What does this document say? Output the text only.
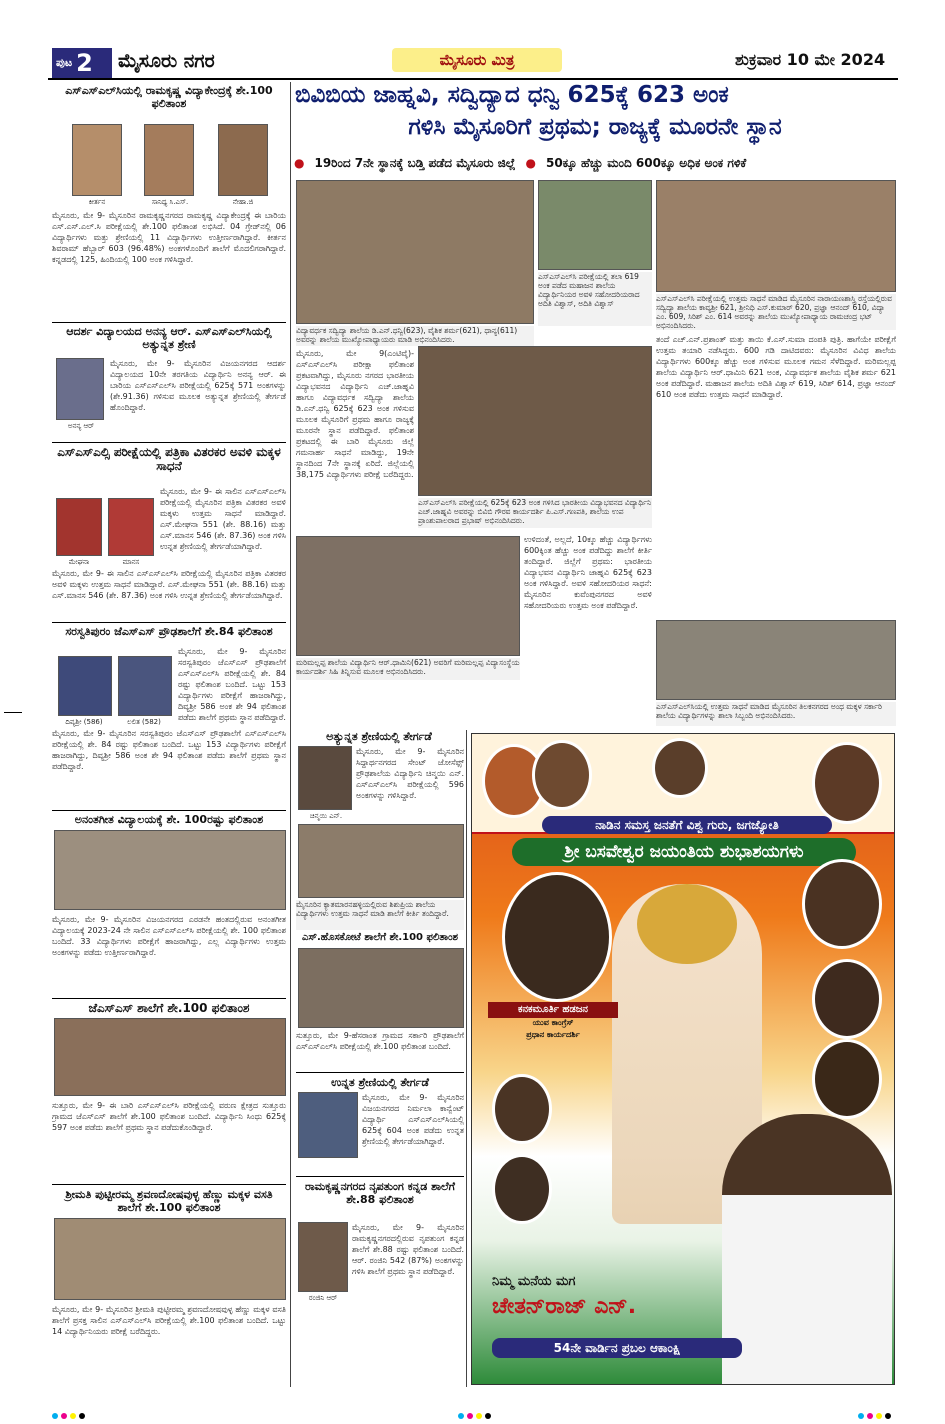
ಪುಟ 2 ಮೈಸೂರು ನಗರ	ಮೈಸೂರು ಮಿತ್ರ	ಶುಕ್ರವಾರ 10 ಮೇ 2024
ಎಸ್‌ಎಸ್‌ಎಲ್‌ಸಿಯಲ್ಲಿ ರಾಮಕೃಷ್ಣ ವಿದ್ಯಾಕೇಂದ್ರಕ್ಕೆ ಶೇ.100 ಫಲಿತಾಂಶ
ಕೀರ್ತನ	ಸಾನಿಧ್ಯ ಸಿ.ಎಸ್.	ನೇಹಾ.ಜಿ
ಮೈಸೂರು, ಮೇ 9- ಮೈಸೂರಿನ ರಾಮಕೃಷ್ಣನಗರದ ರಾಮಕೃಷ್ಣ ವಿದ್ಯಾಕೇಂದ್ರಕ್ಕೆ ಈ ಬಾರಿಯ ಎಸ್.ಎಸ್.ಎಲ್.ಸಿ ಪರೀಕ್ಷೆಯಲ್ಲಿ ಶೇ.100 ಫಲಿತಾಂಶ ಲಭಿಸಿದೆ. 04 ಗ್ರೇಡ್‌ನಲ್ಲಿ 06 ವಿದ್ಯಾರ್ಥಿಗಳು ಮತ್ತು ಶ್ರೇಣಿಯಲ್ಲಿ 11 ವಿದ್ಯಾರ್ಥಿಗಳು ಉತ್ತೀರ್ಣರಾಗಿದ್ದಾರೆ. ಕೀರ್ತನ ಶಿವರಾಮ್ ಹೆಬ್ಬಾರ್ 603 (96.48%) ಅಂಕಗಳೊಂದಿಗೆ ಶಾಲೆಗೆ ಮೊದಲಿಗರಾಗಿದ್ದಾರೆ. ಕನ್ನಡದಲ್ಲಿ 125, ಹಿಂದಿಯಲ್ಲಿ 100 ಅಂಕ ಗಳಿಸಿದ್ದಾರೆ.
ಆದರ್ಶ ವಿದ್ಯಾಲಯದ ಅನನ್ಯ ಆರ್. ಎಸ್‌ಎಸ್‌ಎಲ್‌ಸಿಯಲ್ಲಿ ಅತ್ಯುನ್ನತ ಶ್ರೇಣಿ
ಅನನ್ಯ ಆರ್
ಮೈಸೂರು, ಮೇ 9- ಮೈಸೂರಿನ ವಿಜಯನಗರದ ಆದರ್ಶ ವಿದ್ಯಾಲಯದ 10ನೇ ತರಗತಿಯ ವಿದ್ಯಾರ್ಥಿನಿ ಅನನ್ಯ ಆರ್. ಈ ಬಾರಿಯ ಎಸ್‌ಎಸ್‌ಎಲ್‌ಸಿ ಪರೀಕ್ಷೆಯಲ್ಲಿ 625ಕ್ಕೆ 571 ಅಂಕಗಳನ್ನು (ಶೇ.91.36) ಗಳಿಸುವ ಮೂಲಕ ಅತ್ಯುನ್ನತ ಶ್ರೇಣಿಯಲ್ಲಿ ತೇರ್ಗಡೆ ಹೊಂದಿದ್ದಾರೆ.
ಎಸ್ಎಸ್ಎಲ್ಸಿ ಪರೀಕ್ಷೆಯಲ್ಲಿ ಪತ್ರಿಕಾ ವಿತರಕರ ಅವಳಿ ಮಕ್ಕಳ ಸಾಧನೆ
ಮೇಘನಾ	ಮಾನಸ
ಮೈಸೂರು, ಮೇ 9- ಈ ಸಾಲಿನ ಎಸ್‌ಎಸ್‌ಎಲ್‌ಸಿ ಪರೀಕ್ಷೆಯಲ್ಲಿ ಮೈಸೂರಿನ ಪತ್ರಿಕಾ ವಿತರಕರ ಅವಳಿ ಮಕ್ಕಳು ಉತ್ತಮ ಸಾಧನೆ ಮಾಡಿದ್ದಾರೆ. ಎಸ್.ಮೇಘನಾ 551 (ಶೇ. 88.16) ಮತ್ತು ಎಸ್.ಮಾನಸ 546 (ಶೇ. 87.36) ಅಂಕ ಗಳಿಸಿ ಉನ್ನತ ಶ್ರೇಣಿಯಲ್ಲಿ ತೇರ್ಗಡೆಯಾಗಿದ್ದಾರೆ.
ಮೈಸೂರು, ಮೇ 9- ಈ ಸಾಲಿನ ಎಸ್‌ಎಸ್‌ಎಲ್‌ಸಿ ಪರೀಕ್ಷೆಯಲ್ಲಿ ಮೈಸೂರಿನ ಪತ್ರಿಕಾ ವಿತರಕರ ಅವಳಿ ಮಕ್ಕಳು ಉತ್ತಮ ಸಾಧನೆ ಮಾಡಿದ್ದಾರೆ. ಎಸ್.ಮೇಘನಾ 551 (ಶೇ. 88.16) ಮತ್ತು ಎಸ್.ಮಾನಸ 546 (ಶೇ. 87.36) ಅಂಕ ಗಳಿಸಿ ಉನ್ನತ ಶ್ರೇಣಿಯಲ್ಲಿ ತೇರ್ಗಡೆಯಾಗಿದ್ದಾರೆ.
ಸರಸ್ವತಿಪುರಂ ಜೆಎಸ್ಎಸ್ ಪ್ರೌಢಶಾಲೆಗೆ ಶೇ.84 ಫಲಿತಾಂಶ
ದಿವ್ಯಶ್ರೀ (586)	ಲಲಿತ (582)
ಮೈಸೂರು, ಮೇ 9- ಮೈಸೂರಿನ ಸರಸ್ವತಿಪುರಂ ಜೆಎಸ್‌ಎಸ್ ಪ್ರೌಢಶಾಲೆಗೆ ಎಸ್‌ಎಸ್‌ಎಲ್‌ಸಿ ಪರೀಕ್ಷೆಯಲ್ಲಿ ಶೇ. 84 ರಷ್ಟು ಫಲಿತಾಂಶ ಬಂದಿದೆ. ಒಟ್ಟು 153 ವಿದ್ಯಾರ್ಥಿಗಳು ಪರೀಕ್ಷೆಗೆ ಹಾಜರಾಗಿದ್ದು, ದಿವ್ಯಶ್ರೀ 586 ಅಂಕ ಶೇ 94 ಫಲಿತಾಂಶ ಪಡೆದು ಶಾಲೆಗೆ ಪ್ರಥಮ ಸ್ಥಾನ ಪಡೆದಿದ್ದಾರೆ.
ಮೈಸೂರು, ಮೇ 9- ಮೈಸೂರಿನ ಸರಸ್ವತಿಪುರಂ ಜೆಎಸ್‌ಎಸ್ ಪ್ರೌಢಶಾಲೆಗೆ ಎಸ್‌ಎಸ್‌ಎಲ್‌ಸಿ ಪರೀಕ್ಷೆಯಲ್ಲಿ ಶೇ. 84 ರಷ್ಟು ಫಲಿತಾಂಶ ಬಂದಿದೆ. ಒಟ್ಟು 153 ವಿದ್ಯಾರ್ಥಿಗಳು ಪರೀಕ್ಷೆಗೆ ಹಾಜರಾಗಿದ್ದು, ದಿವ್ಯಶ್ರೀ 586 ಅಂಕ ಶೇ 94 ಫಲಿತಾಂಶ ಪಡೆದು ಶಾಲೆಗೆ ಪ್ರಥಮ ಸ್ಥಾನ ಪಡೆದಿದ್ದಾರೆ.
ಅನಂತಗೀತ ವಿದ್ಯಾಲಯಕ್ಕೆ ಶೇ. 100ರಷ್ಟು ಫಲಿತಾಂಶ
ಮೈಸೂರು, ಮೇ 9- ಮೈಸೂರಿನ ವಿಜಯನಗರದ ಎರಡನೇ ಹಂತದಲ್ಲಿರುವ ಅನಂತಗೀತ ವಿದ್ಯಾಲಯಕ್ಕೆ 2023-24 ನೇ ಸಾಲಿನ ಎಸ್‌ಎಸ್‌ಎಲ್‌ಸಿ ಪರೀಕ್ಷೆಯಲ್ಲಿ ಶೇ. 100 ಫಲಿತಾಂಶ ಬಂದಿದೆ. 33 ವಿದ್ಯಾರ್ಥಿಗಳು ಪರೀಕ್ಷೆಗೆ ಹಾಜರಾಗಿದ್ದು, ಎಲ್ಲ ವಿದ್ಯಾರ್ಥಿಗಳು ಉತ್ತಮ ಅಂಕಗಳನ್ನು ಪಡೆದು ಉತ್ತೀರ್ಣರಾಗಿದ್ದಾರೆ.
ಜೆಎಸ್ಎಸ್ ಶಾಲೆಗೆ ಶೇ.100 ಫಲಿತಾಂಶ
ಸುತ್ತೂರು, ಮೇ 9- ಈ ಬಾರಿ ಎಸ್‌ಎಸ್‌ಎಲ್‌ಸಿ ಪರೀಕ್ಷೆಯಲ್ಲಿ ವರುಣ ಕ್ಷೇತ್ರದ ಸುತ್ತೂರು ಗ್ರಾಮದ ಜೆಎಸ್‌ಎಸ್ ಶಾಲೆಗೆ ಶೇ.100 ಫಲಿತಾಂಶ ಬಂದಿದೆ. ವಿದ್ಯಾರ್ಥಿನಿ ಸಿಂಧು 625ಕ್ಕೆ 597 ಅಂಕ ಪಡೆದು ಶಾಲೆಗೆ ಪ್ರಥಮ ಸ್ಥಾನ ಪಡೆದುಕೊಂಡಿದ್ದಾರೆ.
ಶ್ರೀಮತಿ ಪುಟ್ಟೀರಮ್ಮ ಶ್ರವಣದೋಷವುಳ್ಳ ಹೆಣ್ಣು ಮಕ್ಕಳ ವಸತಿ ಶಾಲೆಗೆ ಶೇ.100 ಫಲಿತಾಂಶ
ಮೈಸೂರು, ಮೇ 9- ಮೈಸೂರಿನ ಶ್ರೀಮತಿ ಪುಟ್ಟೀರಮ್ಮ ಶ್ರವಣದೋಷವುಳ್ಳ ಹೆಣ್ಣು ಮಕ್ಕಳ ವಸತಿ ಶಾಲೆಗೆ ಪ್ರಸಕ್ತ ಸಾಲಿನ ಎಸ್‌ಎಸ್‌ಎಲ್‌ಸಿ ಪರೀಕ್ಷೆಯಲ್ಲಿ ಶೇ.100 ಫಲಿತಾಂಶ ಬಂದಿದೆ. ಒಟ್ಟು 14 ವಿದ್ಯಾರ್ಥಿನಿಯರು ಪರೀಕ್ಷೆ ಬರೆದಿದ್ದರು.
ಬಿವಿಬಿಯ ಜಾಹ್ನವಿ, ಸದ್ವಿದ್ಯಾದ ಧನ್ವಿ 625ಕ್ಕೆ 623 ಅಂಕ
ಗಳಿಸಿ ಮೈಸೂರಿಗೆ ಪ್ರಥಮ; ರಾಜ್ಯಕ್ಕೆ ಮೂರನೇ ಸ್ಥಾನ
● 19ರಿಂದ 7ನೇ ಸ್ಥಾನಕ್ಕೆ ಬಡ್ತಿ ಪಡೆದ ಮೈಸೂರು ಜಿಲ್ಲೆ ● 50ಕ್ಕೂ ಹೆಚ್ಚು ಮಂದಿ 600ಕ್ಕೂ ಅಧಿಕ ಅಂಕ ಗಳಿಕೆ
ವಿದ್ಯಾವರ್ಧಕ ಸದ್ವಿದ್ಯಾ ಶಾಲೆಯ ಡಿ.ಎನ್.ಧನ್ವಿ(623), ವೈಶಿಕ ಶರ್ಮ(621), ಧಾನ್ಯ(611) ಅವರನ್ನು ಶಾಲೆಯ ಮುಖ್ಯೋಪಾಧ್ಯಾಯರು ಮಾಡಿ ಅಭಿನಂದಿಸಿದರು.
ಎಸ್‌ಎಸ್‌ಎಲ್‌ಸಿ ಪರೀಕ್ಷೆಯಲ್ಲಿ ತಲಾ 619 ಅಂಕ ಪಡೆದ ಮಹಾಜನ ಶಾಲೆಯ ವಿದ್ಯಾರ್ಥಿನಿಯರ ಅವಳಿ ಸಹೋದರಿಯರಾದ ಅದಿತಿ ವಿಶ್ವಾಸ್, ಅದಿತಿ ವಿಶ್ವಾಸ್
ಎಸ್‌ಎಸ್‌ಎಲ್‌ಸಿ ಪರೀಕ್ಷೆಯಲ್ಲಿ ಉತ್ತಮ ಸಾಧನೆ ಮಾಡಿದ ಮೈಸೂರಿನ ನಾರಾಯಣಶಾಸ್ತ್ರಿ ರಸ್ತೆಯಲ್ಲಿರುವ ಸದ್ವಿದ್ಯಾ ಶಾಲೆಯ ಕಾವ್ಯಶ್ರೀ 621, ಶ್ರೀನಿಧಿ ಎಸ್.ಕುಮಾರ್ 620, ಪ್ರಜ್ಞಾ ಆನಂದ್ 610, ವಿದ್ಯಾ ಎಂ. 609, ಸಿರಿಶ್ ಎಂ. 614 ಅವರನ್ನು ಶಾಲೆಯ ಮುಖ್ಯೋಪಾಧ್ಯಾಯ ರಾಮಚಂದ್ರ ಭಟ್ ಅಭಿನಂದಿಸಿದರು.
ಮೈಸೂರು, ಮೇ 9(ಎಂಟಿವೈ)- ಎಸ್‌ಎಸ್‌ಎಲ್‌ಸಿ ಪರೀಕ್ಷಾ ಫಲಿತಾಂಶ ಪ್ರಕಟವಾಗಿದ್ದು, ಮೈಸೂರು ನಗರದ ಭಾರತೀಯ ವಿದ್ಯಾಭವನದ ವಿದ್ಯಾರ್ಥಿನಿ ಎಚ್.ಜಾಹ್ನವಿ ಹಾಗೂ ವಿದ್ಯಾವರ್ಧಕ ಸದ್ವಿದ್ಯಾ ಶಾಲೆಯ ಡಿ.ಎನ್.ಧನ್ವಿ 625ಕ್ಕೆ 623 ಅಂಕ ಗಳಿಸುವ ಮೂಲಕ ಮೈಸೂರಿಗೆ ಪ್ರಥಮ ಹಾಗೂ ರಾಜ್ಯಕ್ಕೆ ಮೂರನೇ ಸ್ಥಾನ ಪಡೆದಿದ್ದಾರೆ. ಫಲಿತಾಂಶ ಪ್ರಕಟದಲ್ಲಿ ಈ ಬಾರಿ ಮೈಸೂರು ಜಿಲ್ಲೆ ಗಮನಾರ್ಹ ಸಾಧನೆ ಮಾಡಿದ್ದು, 19ನೇ ಸ್ಥಾನದಿಂದ 7ನೇ ಸ್ಥಾನಕ್ಕೆ ಏರಿದೆ. ಜಿಲ್ಲೆಯಲ್ಲಿ 38,175 ವಿದ್ಯಾರ್ಥಿಗಳು ಪರೀಕ್ಷೆ ಬರೆದಿದ್ದರು.
ತಂದೆ ಎಚ್.ಎನ್.ಪ್ರಶಾಂತ್ ಮತ್ತು ತಾಯಿ ಕೆ.ಎಸ್.ಸುಮಾ ದಂಪತಿ ಪುತ್ರಿ. ಹಾಗೆಯೇ ಪರೀಕ್ಷೆಗೆ ಉತ್ತಮ ತಯಾರಿ ನಡೆಸಿದ್ದರು. 600 ಗಡಿ ದಾಟಿದವರು: ಮೈಸೂರಿನ ವಿವಿಧ ಶಾಲೆಯ ವಿದ್ಯಾರ್ಥಿಗಳು 600ಕ್ಕೂ ಹೆಚ್ಚು ಅಂಕ ಗಳಿಸುವ ಮೂಲಕ ಗಮನ ಸೆಳೆದಿದ್ದಾರೆ. ಮರಿಮಲ್ಲಪ್ಪ ಶಾಲೆಯ ವಿದ್ಯಾರ್ಥಿನಿ ಆರ್.ಧಾಮಿನಿ 621 ಅಂಕ, ವಿದ್ಯಾವರ್ಧಕ ಶಾಲೆಯ ವೈಶಿಕ ಶರ್ಮ 621 ಅಂಕ ಪಡೆದಿದ್ದಾರೆ. ಮಹಾಜನ ಶಾಲೆಯ ಅದಿತಿ ವಿಶ್ವಾಸ್ 619, ಸಿರಿಶ್ 614, ಪ್ರಜ್ಞಾ ಆನಂದ್ 610 ಅಂಕ ಪಡೆದು ಉತ್ತಮ ಸಾಧನೆ ಮಾಡಿದ್ದಾರೆ.
ಎಸ್‌ಎಸ್‌ಎಲ್‌ಸಿ ಪರೀಕ್ಷೆಯಲ್ಲಿ 625ಕ್ಕೆ 623 ಅಂಕ ಗಳಿಸಿದ ಭಾರತೀಯ ವಿದ್ಯಾಭವನದ ವಿದ್ಯಾರ್ಥಿನಿ ಎಚ್.ಜಾಹ್ನವಿ ಅವರನ್ನು ಬಿವಿಬಿ ಗೌರವ ಕಾರ್ಯದರ್ಶಿ ಪಿ.ಎಸ್.ಗಣಪತಿ, ಶಾಲೆಯ ಉಪ ಪ್ರಾಂಶುಪಾಲರಾದ ಪ್ರಭಾಷ್ ಅಭಿನಂದಿಸಿದರು.
ಮರಿಮಲ್ಲಪ್ಪ ಶಾಲೆಯ ವಿದ್ಯಾರ್ಥಿನಿ ಆರ್.ಧಾಮಿನಿ(621) ಅವರಿಗೆ ಮರಿಮಲ್ಲಪ್ಪ ವಿದ್ಯಾಸಂಸ್ಥೆಯ ಕಾರ್ಯದರ್ಶಿ ಸಿಹಿ ತಿನ್ನಿಸುವ ಮೂಲಕ ಅಭಿನಂದಿಸಿದರು.
ಉಳಿದಂತೆ, ಅಲ್ಲದೆ, 10ಕ್ಕೂ ಹೆಚ್ಚು ವಿದ್ಯಾರ್ಥಿಗಳು 600ಕ್ಕಿಂತ ಹೆಚ್ಚು ಅಂಕ ಪಡೆದಿದ್ದು ಶಾಲೆಗೆ ಕೀರ್ತಿ ತಂದಿದ್ದಾರೆ. ಜಿಲ್ಲೆಗೆ ಪ್ರಥಮ: ಭಾರತೀಯ ವಿದ್ಯಾಭವನ ವಿದ್ಯಾರ್ಥಿನಿ ಜಾಹ್ನವಿ 625ಕ್ಕೆ 623 ಅಂಕ ಗಳಿಸಿದ್ದಾರೆ. ಅವಳಿ ಸಹೋದರಿಯರ ಸಾಧನೆ: ಮೈಸೂರಿನ ಕುವೆಂಪುನಗರದ ಅವಳಿ ಸಹೋದರಿಯರು ಉತ್ತಮ ಅಂಕ ಪಡೆದಿದ್ದಾರೆ.
ಎಸ್‌ಎಸ್‌ಎಲ್‌ಸಿಯಲ್ಲಿ ಉತ್ತಮ ಸಾಧನೆ ಮಾಡಿದ ಮೈಸೂರಿನ ತಿಲಕನಗರದ ಅಂಧ ಮಕ್ಕಳ ಸರ್ಕಾರಿ ಶಾಲೆಯ ವಿದ್ಯಾರ್ಥಿಗಳನ್ನು ಶಾಲಾ ಸಿಬ್ಬಂದಿ ಅಭಿನಂದಿಸಿದರು.
ಅತ್ಯುನ್ನತ ಶ್ರೇಣಿಯಲ್ಲಿ ತೇರ್ಗಡೆ
ಚಿನ್ಮಯಿ ಎನ್.
ಮೈಸೂರು, ಮೇ 9- ಮೈಸೂರಿನ ಸಿದ್ದಾರ್ಥನಗರದ ಸೇಂಟ್ ಜೋಸೆಫ್ಸ್ ಪ್ರೌಢಶಾಲೆಯ ವಿದ್ಯಾರ್ಥಿನಿ ಚಿನ್ಮಯಿ ಎನ್. ಎಸ್‌ಎಸ್‌ಎಲ್‌ಸಿ ಪರೀಕ್ಷೆಯಲ್ಲಿ 596 ಅಂಕಗಳನ್ನು ಗಳಿಸಿದ್ದಾರೆ.
ಮೈಸೂರಿನ ಕ್ಯಾತಮಾರನಹಳ್ಳಿಯಲ್ಲಿರುವ ಶಿಶುಪ್ರಿಯ ಶಾಲೆಯ ವಿದ್ಯಾರ್ಥಿಗಳು ಉತ್ತಮ ಸಾಧನೆ ಮಾಡಿ ಶಾಲೆಗೆ ಕೀರ್ತಿ ತಂದಿದ್ದಾರೆ.
ಎಸ್.ಹೊಸಕೋಟೆ ಶಾಲೆಗೆ ಶೇ.100 ಫಲಿತಾಂಶ
ಸುತ್ತೂರು, ಮೇ 9-ಹೆಸರಾಂತ ಗ್ರಾಮದ ಸರ್ಕಾರಿ ಪ್ರೌಢಶಾಲೆಗೆ ಎಸ್‌ಎಸ್‌ಎಲ್‌ಸಿ ಪರೀಕ್ಷೆಯಲ್ಲಿ ಶೇ.100 ಫಲಿತಾಂಶ ಬಂದಿದೆ.
ಉನ್ನತ ಶ್ರೇಣಿಯಲ್ಲಿ ತೇರ್ಗಡೆ
ಮೈಸೂರು, ಮೇ 9- ಮೈಸೂರಿನ ವಿಜಯನಗರದ ನಿರ್ಮಲಾ ಕಾನ್ವೆಂಟ್ ವಿದ್ಯಾರ್ಥಿ ಎಸ್‌ಎಸ್‌ಎಲ್‌ಸಿಯಲ್ಲಿ 625ಕ್ಕೆ 604 ಅಂಕ ಪಡೆದು ಉನ್ನತ ಶ್ರೇಣಿಯಲ್ಲಿ ತೇರ್ಗಡೆಯಾಗಿದ್ದಾರೆ.
ರಾಮಕೃಷ್ಣನಗರದ ನೃಪತುಂಗ ಕನ್ನಡ ಶಾಲೆಗೆ ಶೇ.88 ಫಲಿತಾಂಶ
ರಂಜಿನಿ ಆರ್
ಮೈಸೂರು, ಮೇ 9- ಮೈಸೂರಿನ ರಾಮಕೃಷ್ಣನಗರದಲ್ಲಿರುವ ನೃಪತುಂಗ ಕನ್ನಡ ಶಾಲೆಗೆ ಶೇ.88 ರಷ್ಟು ಫಲಿತಾಂಶ ಬಂದಿದೆ. ಆರ್. ರಂಜಿನಿ 542 (87%) ಅಂಕಗಳನ್ನು ಗಳಿಸಿ ಶಾಲೆಗೆ ಪ್ರಥಮ ಸ್ಥಾನ ಪಡೆದಿದ್ದಾರೆ.
ನಾಡಿನ ಸಮಸ್ತ ಜನತೆಗೆ ವಿಶ್ವ ಗುರು, ಜಗಜ್ಯೋತಿ
ಶ್ರೀ ಬಸವೇಶ್ವರ ಜಯಂತಿಯ ಶುಭಾಶಯಗಳು
ಕನಕಮೂರ್ತಿ ಹಡಜನ
ಯುವ ಕಾಂಗ್ರೆಸ್
ಪ್ರಧಾನ ಕಾರ್ಯದರ್ಶಿ
ನಿಮ್ಮ ಮನೆಯ ಮಗ
ಚೇತನ್‌ರಾಜ್ ಎನ್.
54ನೇ ವಾರ್ಡಿನ ಪ್ರಬಲ ಆಕಾಂಕ್ಷಿ
